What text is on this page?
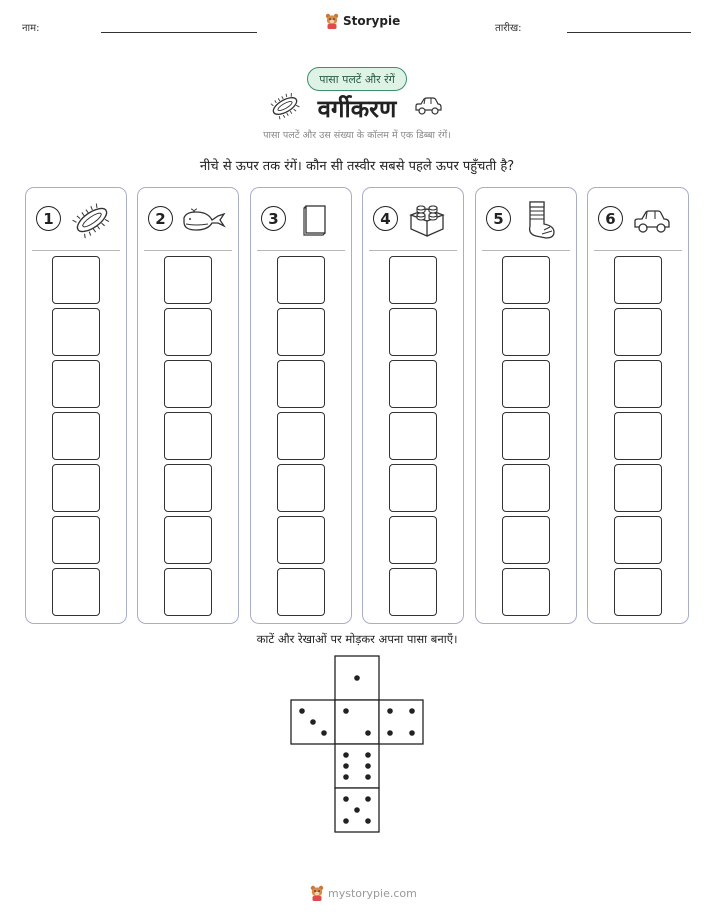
नाम:
Storypie
तारीख:
पासा पलटें और रंगें
वर्गीकरण
पासा पलटें और उस संख्या के कॉलम में एक डिब्बा रंगें।
नीचे से ऊपर तक रंगें। कौन सी तस्वीर सबसे पहले ऊपर पहुँचती है?
1	2	3	4	5	6
काटें और रेखाओं पर मोड़कर अपना पासा बनाएँ।
mystorypie.com
